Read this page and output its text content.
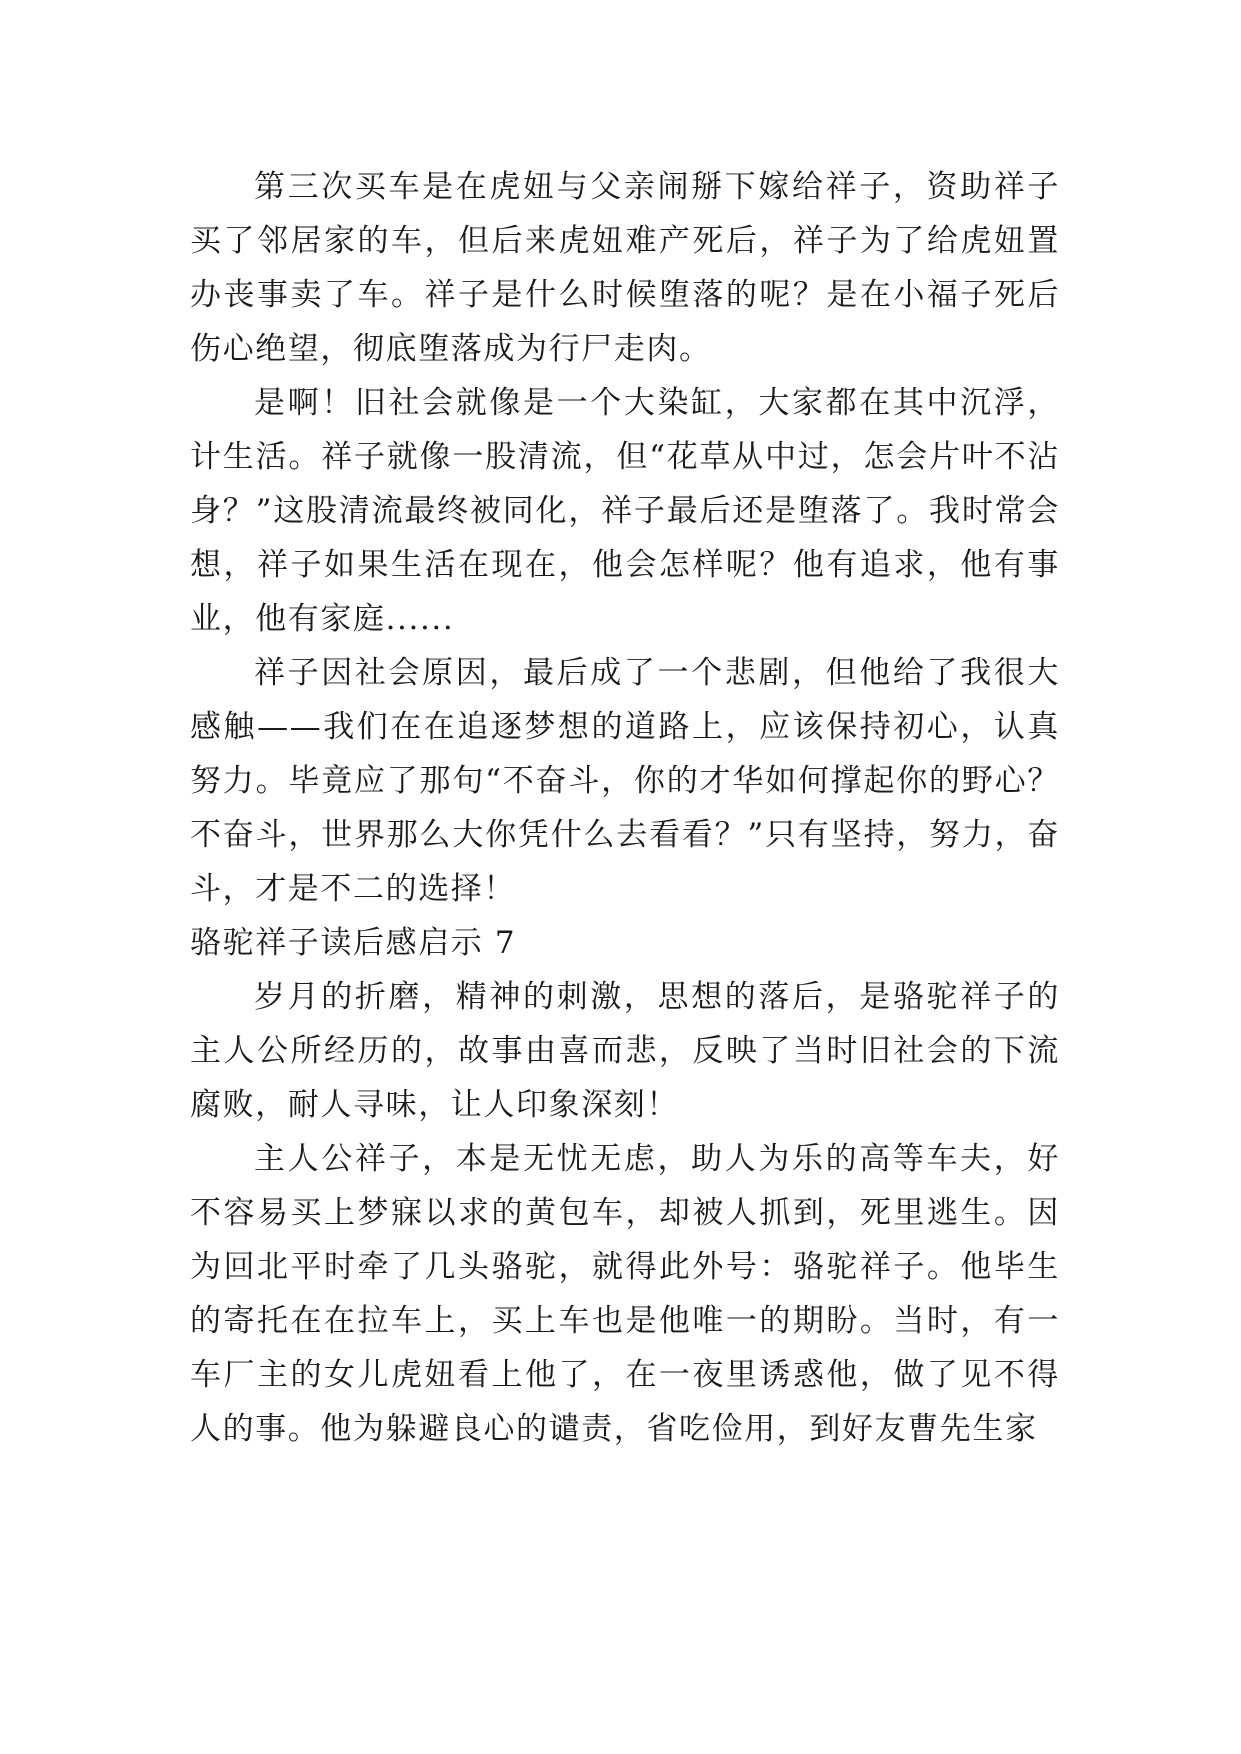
第三次买车是在虎妞与父亲闹掰下嫁给祥子，资助祥子买了邻居家的车，但后来虎妞难产死后，祥子为了给虎妞置办丧事卖了车。祥子是什么时候堕落的呢？是在小福子死后伤心绝望，彻底堕落成为行尸走肉。

是啊！旧社会就像是一个大染缸，大家都在其中沉浮，计生活。祥子就像一股清流，但“花草从中过，怎会片叶不沾身？”这股清流最终被同化，祥子最后还是堕落了。我时常会想，祥子如果生活在现在，他会怎样呢？他有追求，他有事业，他有家庭......

祥子因社会原因，最后成了一个悲剧，但他给了我很大感触——我们在在追逐梦想的道路上，应该保持初心，认真努力。毕竟应了那句“不奋斗，你的才华如何撑起你的野心？不奋斗，世界那么大你凭什么去看看？”只有坚持，努力，奋斗，才是不二的选择！

骆驼祥子读后感启示 7

岁月的折磨，精神的刺激，思想的落后，是骆驼祥子的主人公所经历的，故事由喜而悲，反映了当时旧社会的下流腐败，耐人寻味，让人印象深刻！

主人公祥子，本是无忧无虑，助人为乐的高等车夫，好不容易买上梦寐以求的黄包车，却被人抓到，死里逃生。因为回北平时牵了几头骆驼，就得此外号：骆驼祥子。他毕生的寄托在在拉车上，买上车也是他唯一的期盼。当时，有一车厂主的女儿虎妞看上他了，在一夜里诱惑他，做了见不得人的事。他为躲避良心的谴责，省吃俭用，到好友曹先生家
